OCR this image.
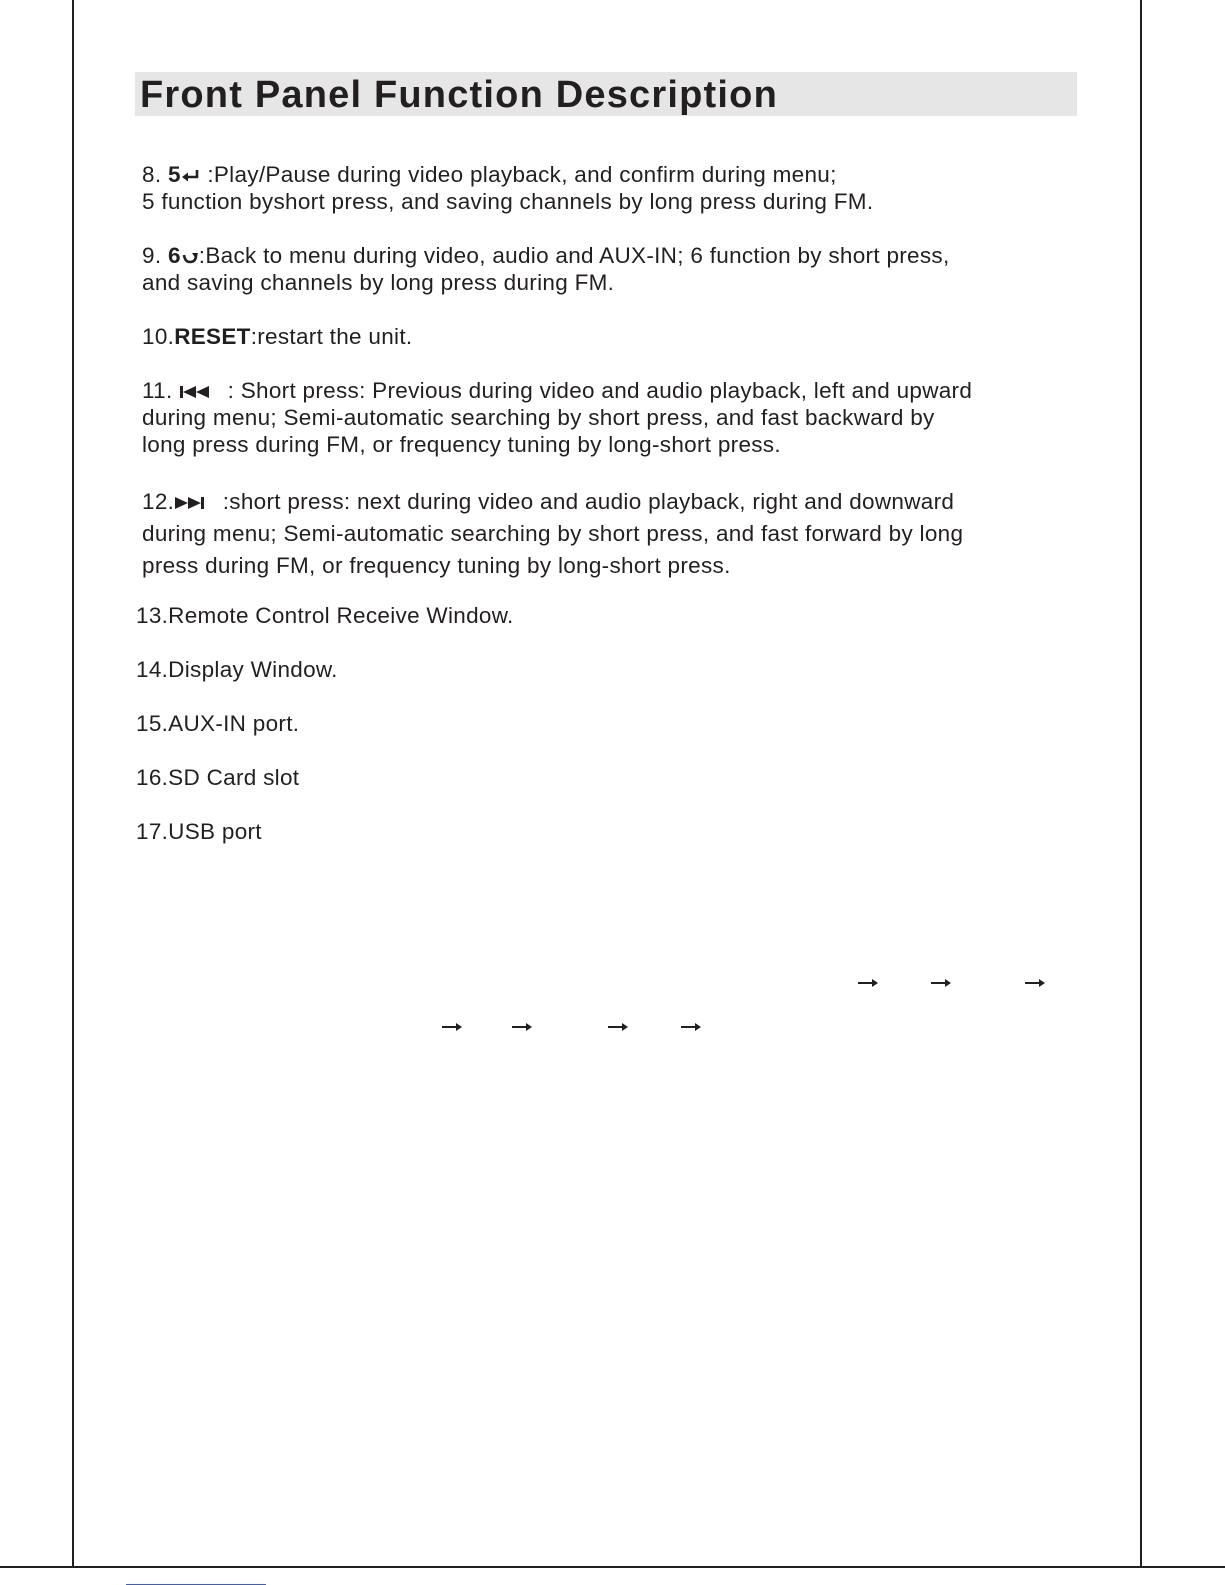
Front Panel Function Description
8. 5 :Play/Pause during video playback, and confirm during menu;
5 function byshort press, and saving channels by long press during FM.
9. 6 :Back to menu during video, audio and AUX-IN; 6 function by short press,
and saving channels by long press during FM.
10.RESET:restart the unit.
11.
: Short press: Previous during video and audio playback, left and upward
during menu; Semi-automatic searching by short press, and fast backward by
long press during FM, or frequency tuning by long-short press.
12.
:short press: next during video and audio playback, right and downward
during menu; Semi-automatic searching by short press, and fast forward by long
press during FM, or frequency tuning by long-short press.
13.Remote Control Receive Window.
14.Display Window.
15.AUX-IN port.
16.SD Card slot
17.USB port
